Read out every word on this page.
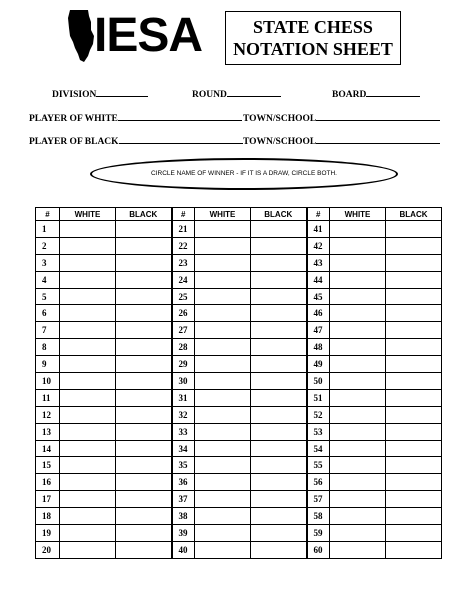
IESA	STATE CHESS
NOTATION SHEET
DIVISION	ROUND	BOARD
PLAYER OF WHITE	TOWN/SCHOOL
PLAYER OF BLACK	TOWN/SCHOOL
CIRCLE NAME OF WINNER - IF IT IS A DRAW, CIRCLE BOTH.
#	WHITE	BLACK	#	WHITE	BLACK	#	WHITE	BLACK
1			21			41		
2			22			42		
3			23			43		
4			24			44		
5			25			45		
6			26			46		
7			27			47		
8			28			48		
9			29			49		
10			30			50		
11			31			51		
12			32			52		
13			33			53		
14			34			54		
15			35			55		
16			36			56		
17			37			57		
18			38			58		
19			39			59		
20			40			60		
